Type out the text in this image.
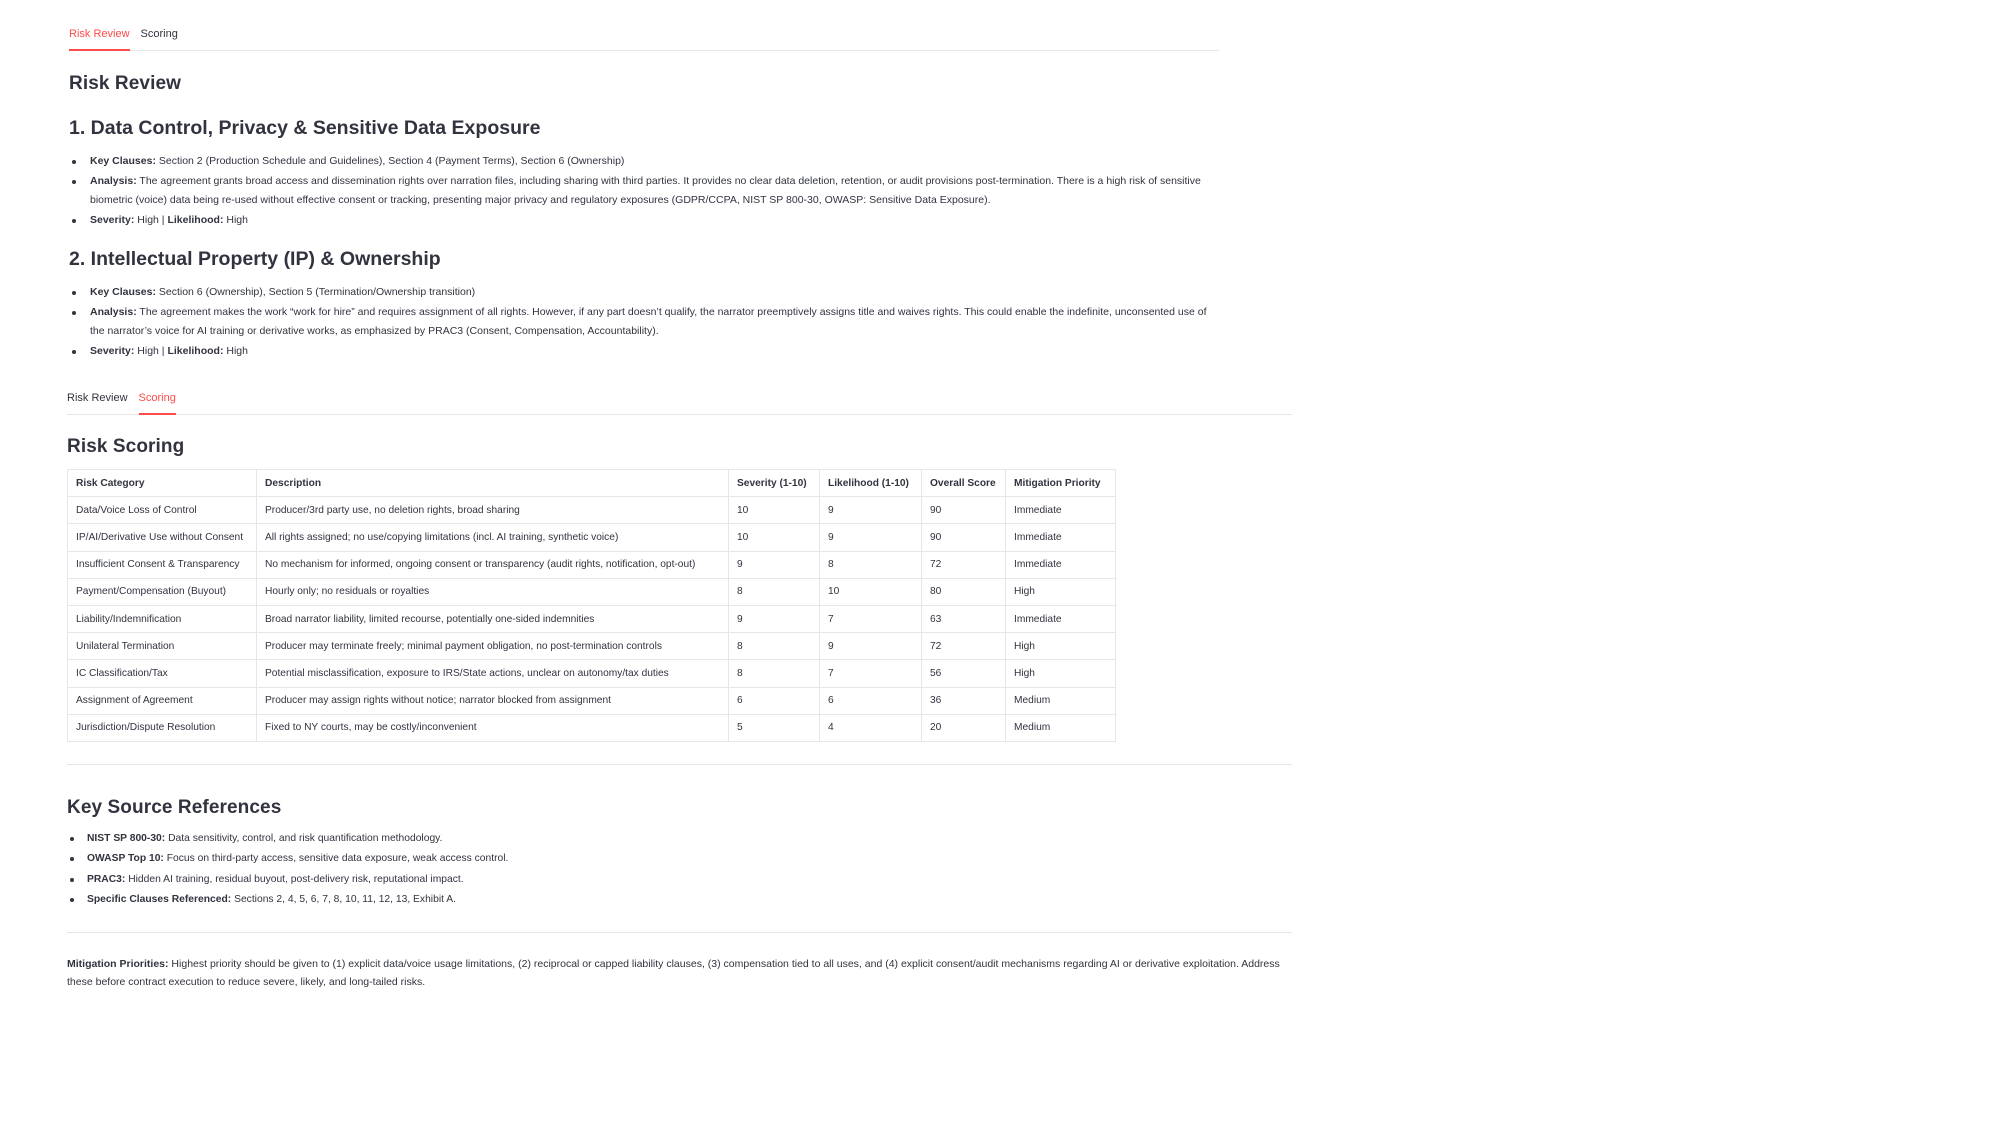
Risk Review Scoring
Risk Review
1. Data Control, Privacy & Sensitive Data Exposure
Key Clauses: Section 2 (Production Schedule and Guidelines), Section 4 (Payment Terms), Section 6 (Ownership)
Analysis: The agreement grants broad access and dissemination rights over narration files, including sharing with third parties. It provides no clear data deletion, retention, or audit provisions post-termination. There is a high risk of sensitive biometric (voice) data being re-used without effective consent or tracking, presenting major privacy and regulatory exposures (GDPR/CCPA, NIST SP 800-30, OWASP: Sensitive Data Exposure).
Severity: High | Likelihood: High
2. Intellectual Property (IP) & Ownership
Key Clauses: Section 6 (Ownership), Section 5 (Termination/Ownership transition)
Analysis: The agreement makes the work “work for hire” and requires assignment of all rights. However, if any part doesn’t qualify, the narrator preemptively assigns title and waives rights. This could enable the indefinite, unconsented use of the narrator’s voice for AI training or derivative works, as emphasized by PRAC3 (Consent, Compensation, Accountability).
Severity: High | Likelihood: High
Risk Review Scoring
Risk Scoring
Risk Category	Description	Severity (1-10)	Likelihood (1-10)	Overall Score	Mitigation Priority
Data/Voice Loss of Control	Producer/3rd party use, no deletion rights, broad sharing	10	9	90	Immediate
IP/AI/Derivative Use without Consent	All rights assigned; no use/copying limitations (incl. AI training, synthetic voice)	10	9	90	Immediate
Insufficient Consent & Transparency	No mechanism for informed, ongoing consent or transparency (audit rights, notification, opt-out)	9	8	72	Immediate
Payment/Compensation (Buyout)	Hourly only; no residuals or royalties	8	10	80	High
Liability/Indemnification	Broad narrator liability, limited recourse, potentially one-sided indemnities	9	7	63	Immediate
Unilateral Termination	Producer may terminate freely; minimal payment obligation, no post-termination controls	8	9	72	High
IC Classification/Tax	Potential misclassification, exposure to IRS/State actions, unclear on autonomy/tax duties	8	7	56	High
Assignment of Agreement	Producer may assign rights without notice; narrator blocked from assignment	6	6	36	Medium
Jurisdiction/Dispute Resolution	Fixed to NY courts, may be costly/inconvenient	5	4	20	Medium
Key Source References
NIST SP 800-30: Data sensitivity, control, and risk quantification methodology.
OWASP Top 10: Focus on third-party access, sensitive data exposure, weak access control.
PRAC3: Hidden AI training, residual buyout, post-delivery risk, reputational impact.
Specific Clauses Referenced: Sections 2, 4, 5, 6, 7, 8, 10, 11, 12, 13, Exhibit A.

Mitigation Priorities: Highest priority should be given to (1) explicit data/voice usage limitations, (2) reciprocal or capped liability clauses, (3) compensation tied to all uses, and (4) explicit consent/audit mechanisms regarding AI or derivative exploitation. Address these before contract execution to reduce severe, likely, and long-tailed risks.
